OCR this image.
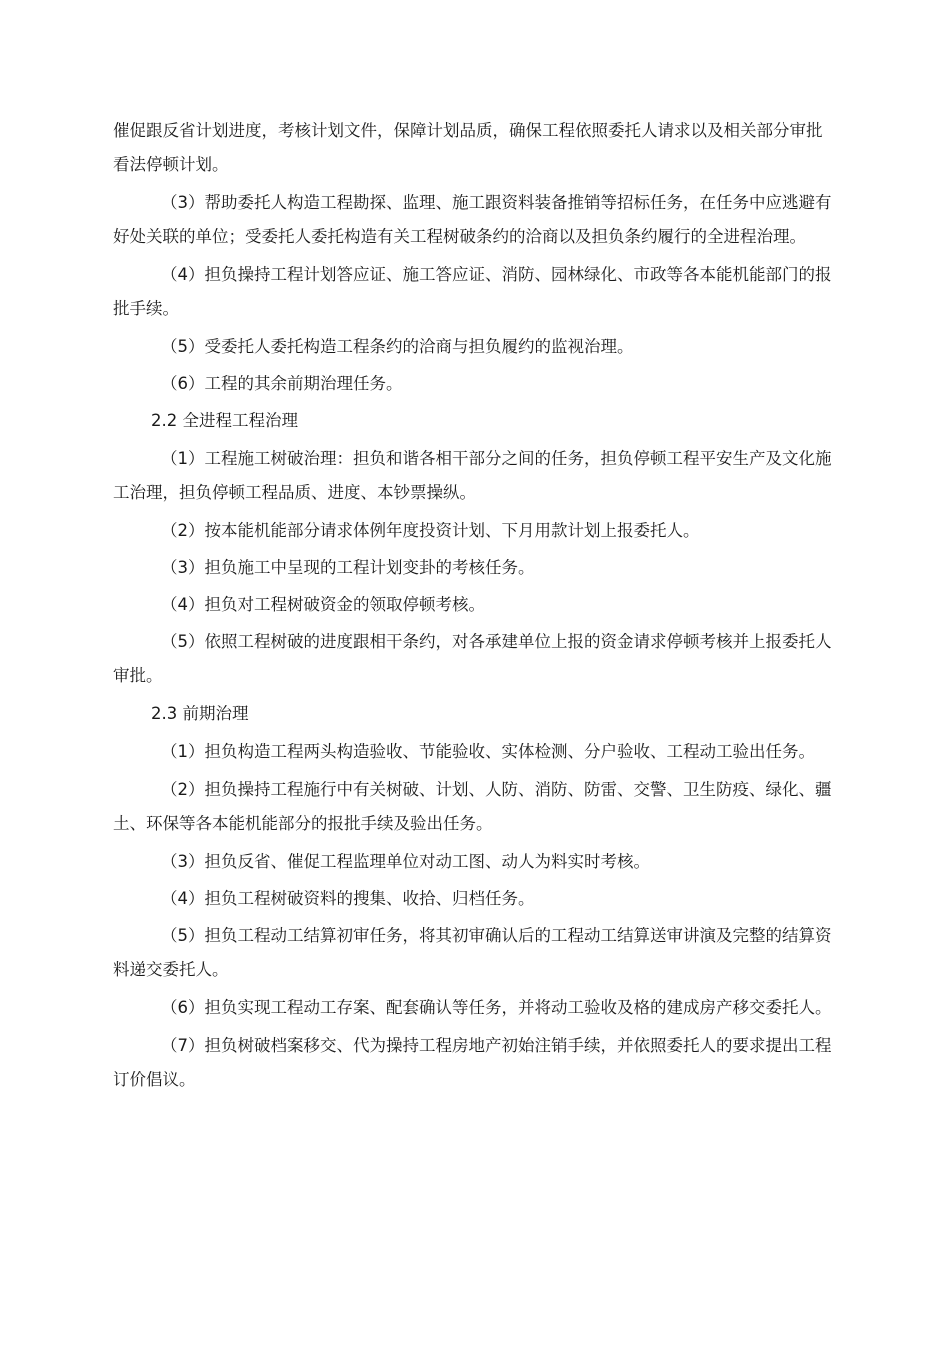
催促跟反省计划进度，考核计划文件，保障计划品质，确保工程依照委托人请求以及相关部分审批看法停顿计划。

（3）帮助委托人构造工程勘探、监理、施工跟资料装备推销等招标任务，在任务中应逃避有好处关联的单位；受委托人委托构造有关工程树破条约的洽商以及担负条约履行的全进程治理。

（4）担负操持工程计划答应证、施工答应证、消防、园林绿化、市政等各本能机能部门的报批手续。

（5）受委托人委托构造工程条约的洽商与担负履约的监视治理。

（6）工程的其余前期治理任务。

2.2 全进程工程治理

（1）工程施工树破治理：担负和谐各相干部分之间的任务，担负停顿工程平安生产及文化施工治理，担负停顿工程品质、进度、本钞票操纵。

（2）按本能机能部分请求体例年度投资计划、下月用款计划上报委托人。

（3）担负施工中呈现的工程计划变卦的考核任务。

（4）担负对工程树破资金的领取停顿考核。

（5）依照工程树破的进度跟相干条约，对各承建单位上报的资金请求停顿考核并上报委托人审批。

2.3 前期治理

（1）担负构造工程两头构造验收、节能验收、实体检测、分户验收、工程动工验出任务。

（2）担负操持工程施行中有关树破、计划、人防、消防、防雷、交警、卫生防疫、绿化、疆土、环保等各本能机能部分的报批手续及验出任务。

（3）担负反省、催促工程监理单位对动工图、动人为料实时考核。

（4）担负工程树破资料的搜集、收拾、归档任务。

（5）担负工程动工结算初审任务，将其初审确认后的工程动工结算送审讲演及完整的结算资料递交委托人。

（6）担负实现工程动工存案、配套确认等任务，并将动工验收及格的建成房产移交委托人。

（7）担负树破档案移交、代为操持工程房地产初始注销手续，并依照委托人的要求提出工程订价倡议。
